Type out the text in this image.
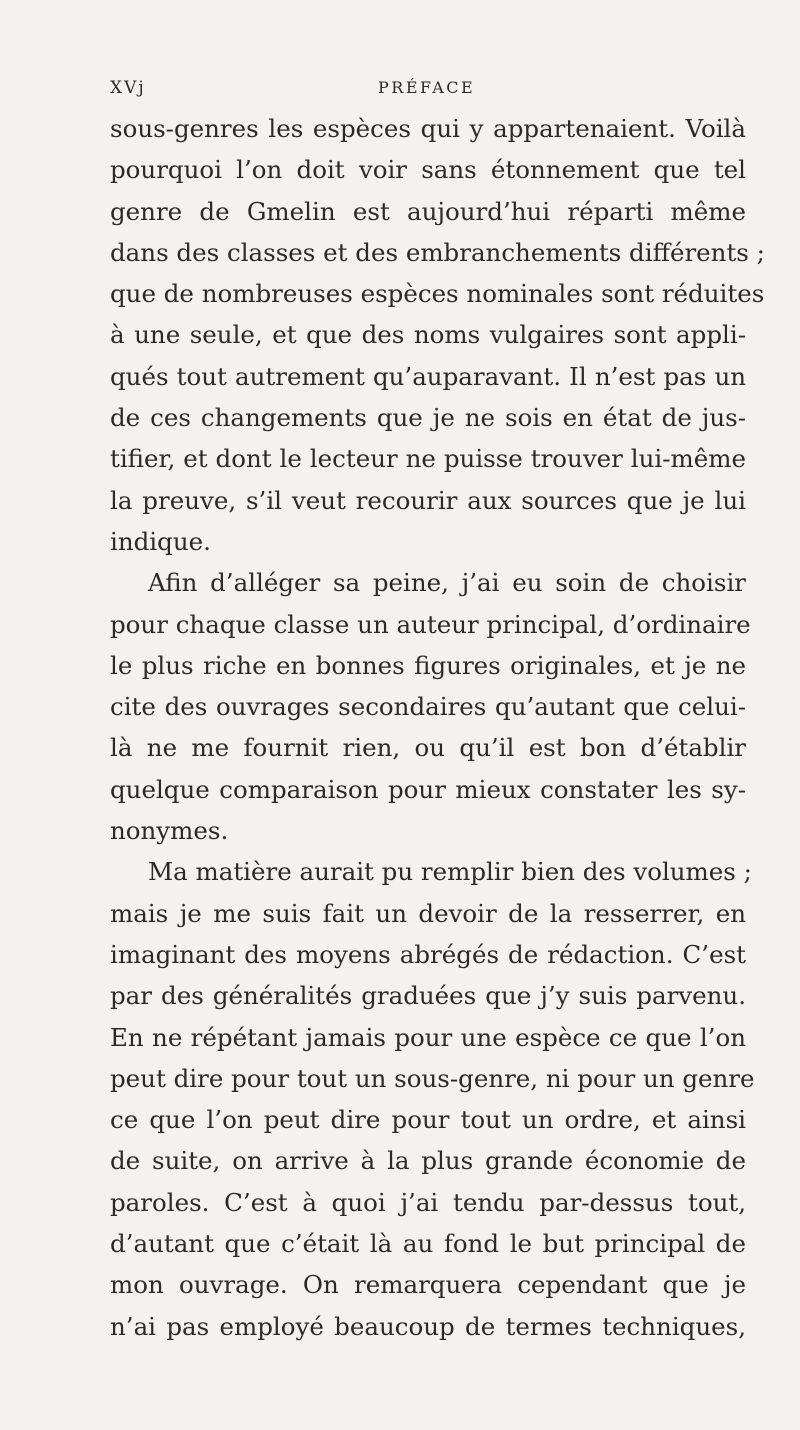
XVj	PRÉFACE
sous-genres les espèces qui y appartenaient. Voilà
pourquoi l’on doit voir sans étonnement que tel
genre de Gmelin est aujourd’hui réparti même
dans des classes et des embranchements différents ;
que de nombreuses espèces nominales sont réduites
à une seule, et que des noms vulgaires sont appli-
qués tout autrement qu’auparavant. Il n’est pas un
de ces changements que je ne sois en état de jus-
tifier, et dont le lecteur ne puisse trouver lui-même
la preuve, s’il veut recourir aux sources que je lui
indique.
Afin d’alléger sa peine, j’ai eu soin de choisir
pour chaque classe un auteur principal, d’ordinaire
le plus riche en bonnes figures originales, et je ne
cite des ouvrages secondaires qu’autant que celui-
là ne me fournit rien, ou qu’il est bon d’établir
quelque comparaison pour mieux constater les sy-
nonymes.
Ma matière aurait pu remplir bien des volumes ;
mais je me suis fait un devoir de la resserrer, en
imaginant des moyens abrégés de rédaction. C’est
par des généralités graduées que j’y suis parvenu.
En ne répétant jamais pour une espèce ce que l’on
peut dire pour tout un sous-genre, ni pour un genre
ce que l’on peut dire pour tout un ordre, et ainsi
de suite, on arrive à la plus grande économie de
paroles. C’est à quoi j’ai tendu par-dessus tout,
d’autant que c’était là au fond le but principal de
mon ouvrage. On remarquera cependant que je
n’ai pas employé beaucoup de termes techniques,
